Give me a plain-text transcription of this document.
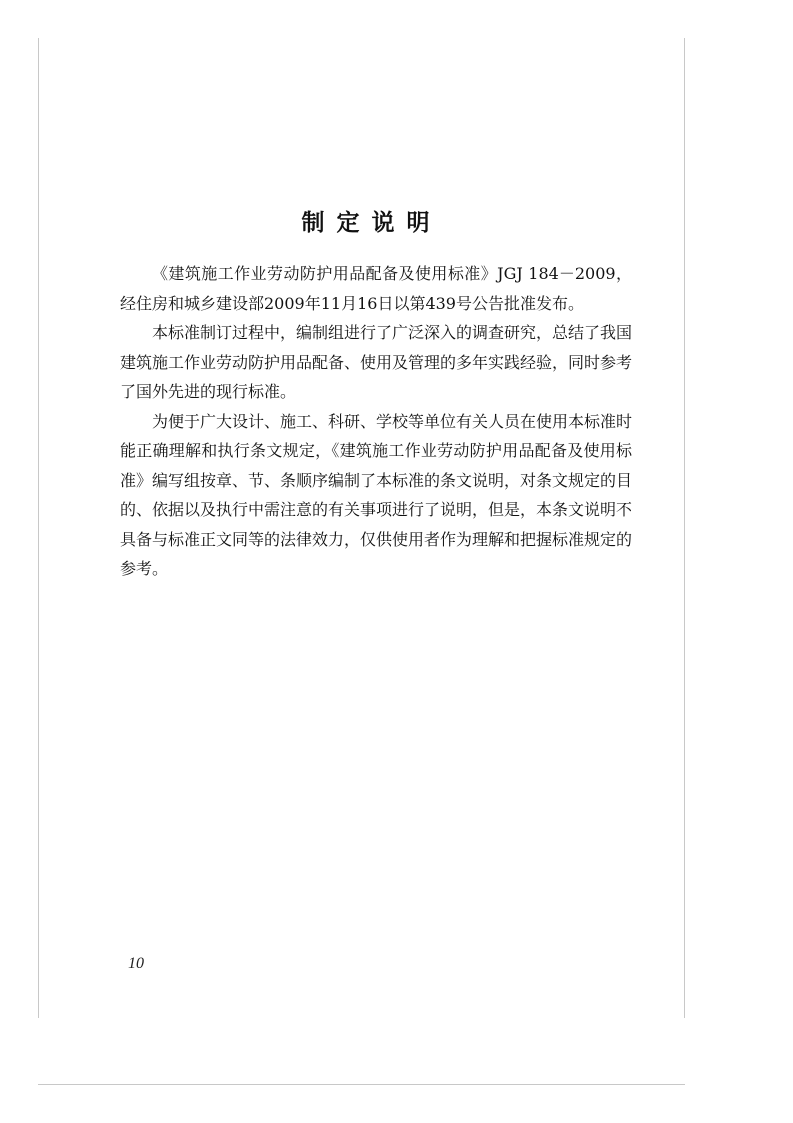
制定说明

《建筑施工作业劳动防护用品配备及使用标准》JGJ 184－2009，经住房和城乡建设部2009年11月16日以第439号公告批准发布。

本标准制订过程中，编制组进行了广泛深入的调查研究，总结了我国建筑施工作业劳动防护用品配备、使用及管理的多年实践经验，同时参考了国外先进的现行标准。

为便于广大设计、施工、科研、学校等单位有关人员在使用本标准时能正确理解和执行条文规定，《建筑施工作业劳动防护用品配备及使用标准》编写组按章、节、条顺序编制了本标准的条文说明，对条文规定的目的、依据以及执行中需注意的有关事项进行了说明，但是，本条文说明不具备与标准正文同等的法律效力，仅供使用者作为理解和把握标准规定的参考。

10
